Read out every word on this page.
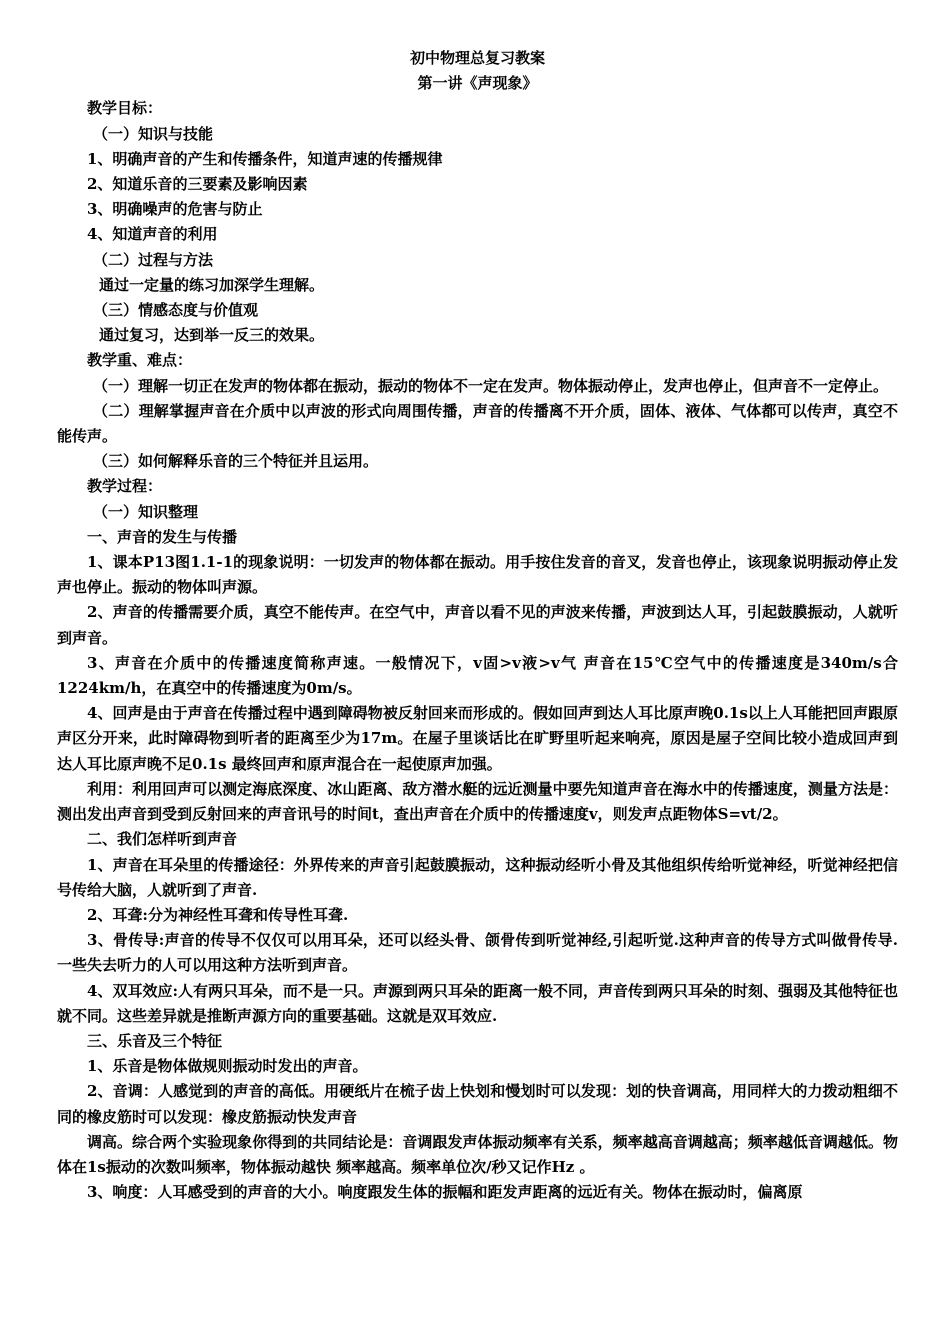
初中物理总复习教案

第一讲《声现象》

教学目标：

（一）知识与技能

1、明确声音的产生和传播条件，知道声速的传播规律

2、知道乐音的三要素及影响因素

3、明确噪声的危害与防止

4、知道声音的利用

（二）过程与方法

通过一定量的练习加深学生理解。

（三）情感态度与价值观

通过复习，达到举一反三的效果。

教学重、难点：

（一）理解一切正在发声的物体都在振动，振动的物体不一定在发声。物体振动停止，发声也停止，但声音不一定停止。

（二）理解掌握声音在介质中以声波的形式向周围传播，声音的传播离不开介质，固体、液体、气体都可以传声，真空不能传声。

（三）如何解释乐音的三个特征并且运用。

教学过程：

（一）知识整理

一、声音的发生与传播

1、课本P13图1.1-1的现象说明：一切发声的物体都在振动。用手按住发音的音叉，发音也停止，该现象说明振动停止发声也停止。振动的物体叫声源。

2、声音的传播需要介质，真空不能传声。在空气中，声音以看不见的声波来传播，声波到达人耳，引起鼓膜振动，人就听到声音。

3、声音在介质中的传播速度简称声速。一般情况下，v固>v液>v气 声音在15℃空气中的传播速度是340m/s合1224km/h，在真空中的传播速度为0m/s。

4、回声是由于声音在传播过程中遇到障碍物被反射回来而形成的。假如回声到达人耳比原声晚0.1s以上人耳能把回声跟原声区分开来，此时障碍物到听者的距离至少为17m。在屋子里谈话比在旷野里听起来响亮，原因是屋子空间比较小造成回声到达人耳比原声晚不足0.1s 最终回声和原声混合在一起使原声加强。

利用：利用回声可以测定海底深度、冰山距离、敌方潜水艇的远近测量中要先知道声音在海水中的传播速度，测量方法是：测出发出声音到受到反射回来的声音讯号的时间t，查出声音在介质中的传播速度v，则发声点距物体S=vt/2。

二、我们怎样听到声音

1、声音在耳朵里的传播途径：外界传来的声音引起鼓膜振动，这种振动经听小骨及其他组织传给听觉神经，听觉神经把信号传给大脑，人就听到了声音.

2、耳聋:分为神经性耳聋和传导性耳聋.

3、骨传导:声音的传导不仅仅可以用耳朵，还可以经头骨、颌骨传到听觉神经,引起听觉.这种声音的传导方式叫做骨传导.一些失去听力的人可以用这种方法听到声音。

4、双耳效应:人有两只耳朵，而不是一只。声源到两只耳朵的距离一般不同，声音传到两只耳朵的时刻、强弱及其他特征也就不同。这些差异就是推断声源方向的重要基础。这就是双耳效应.

三、乐音及三个特征

1、乐音是物体做规则振动时发出的声音。

2、音调：人感觉到的声音的高低。用硬纸片在梳子齿上快划和慢划时可以发现：划的快音调高，用同样大的力拨动粗细不同的橡皮筋时可以发现：橡皮筋振动快发声音

调高。综合两个实验现象你得到的共同结论是：音调跟发声体振动频率有关系，频率越高音调越高；频率越低音调越低。物体在1s振动的次数叫频率，物体振动越快 频率越高。频率单位次/秒又记作Hz 。

3、响度：人耳感受到的声音的大小。响度跟发生体的振幅和距发声距离的远近有关。物体在振动时，偏离原
